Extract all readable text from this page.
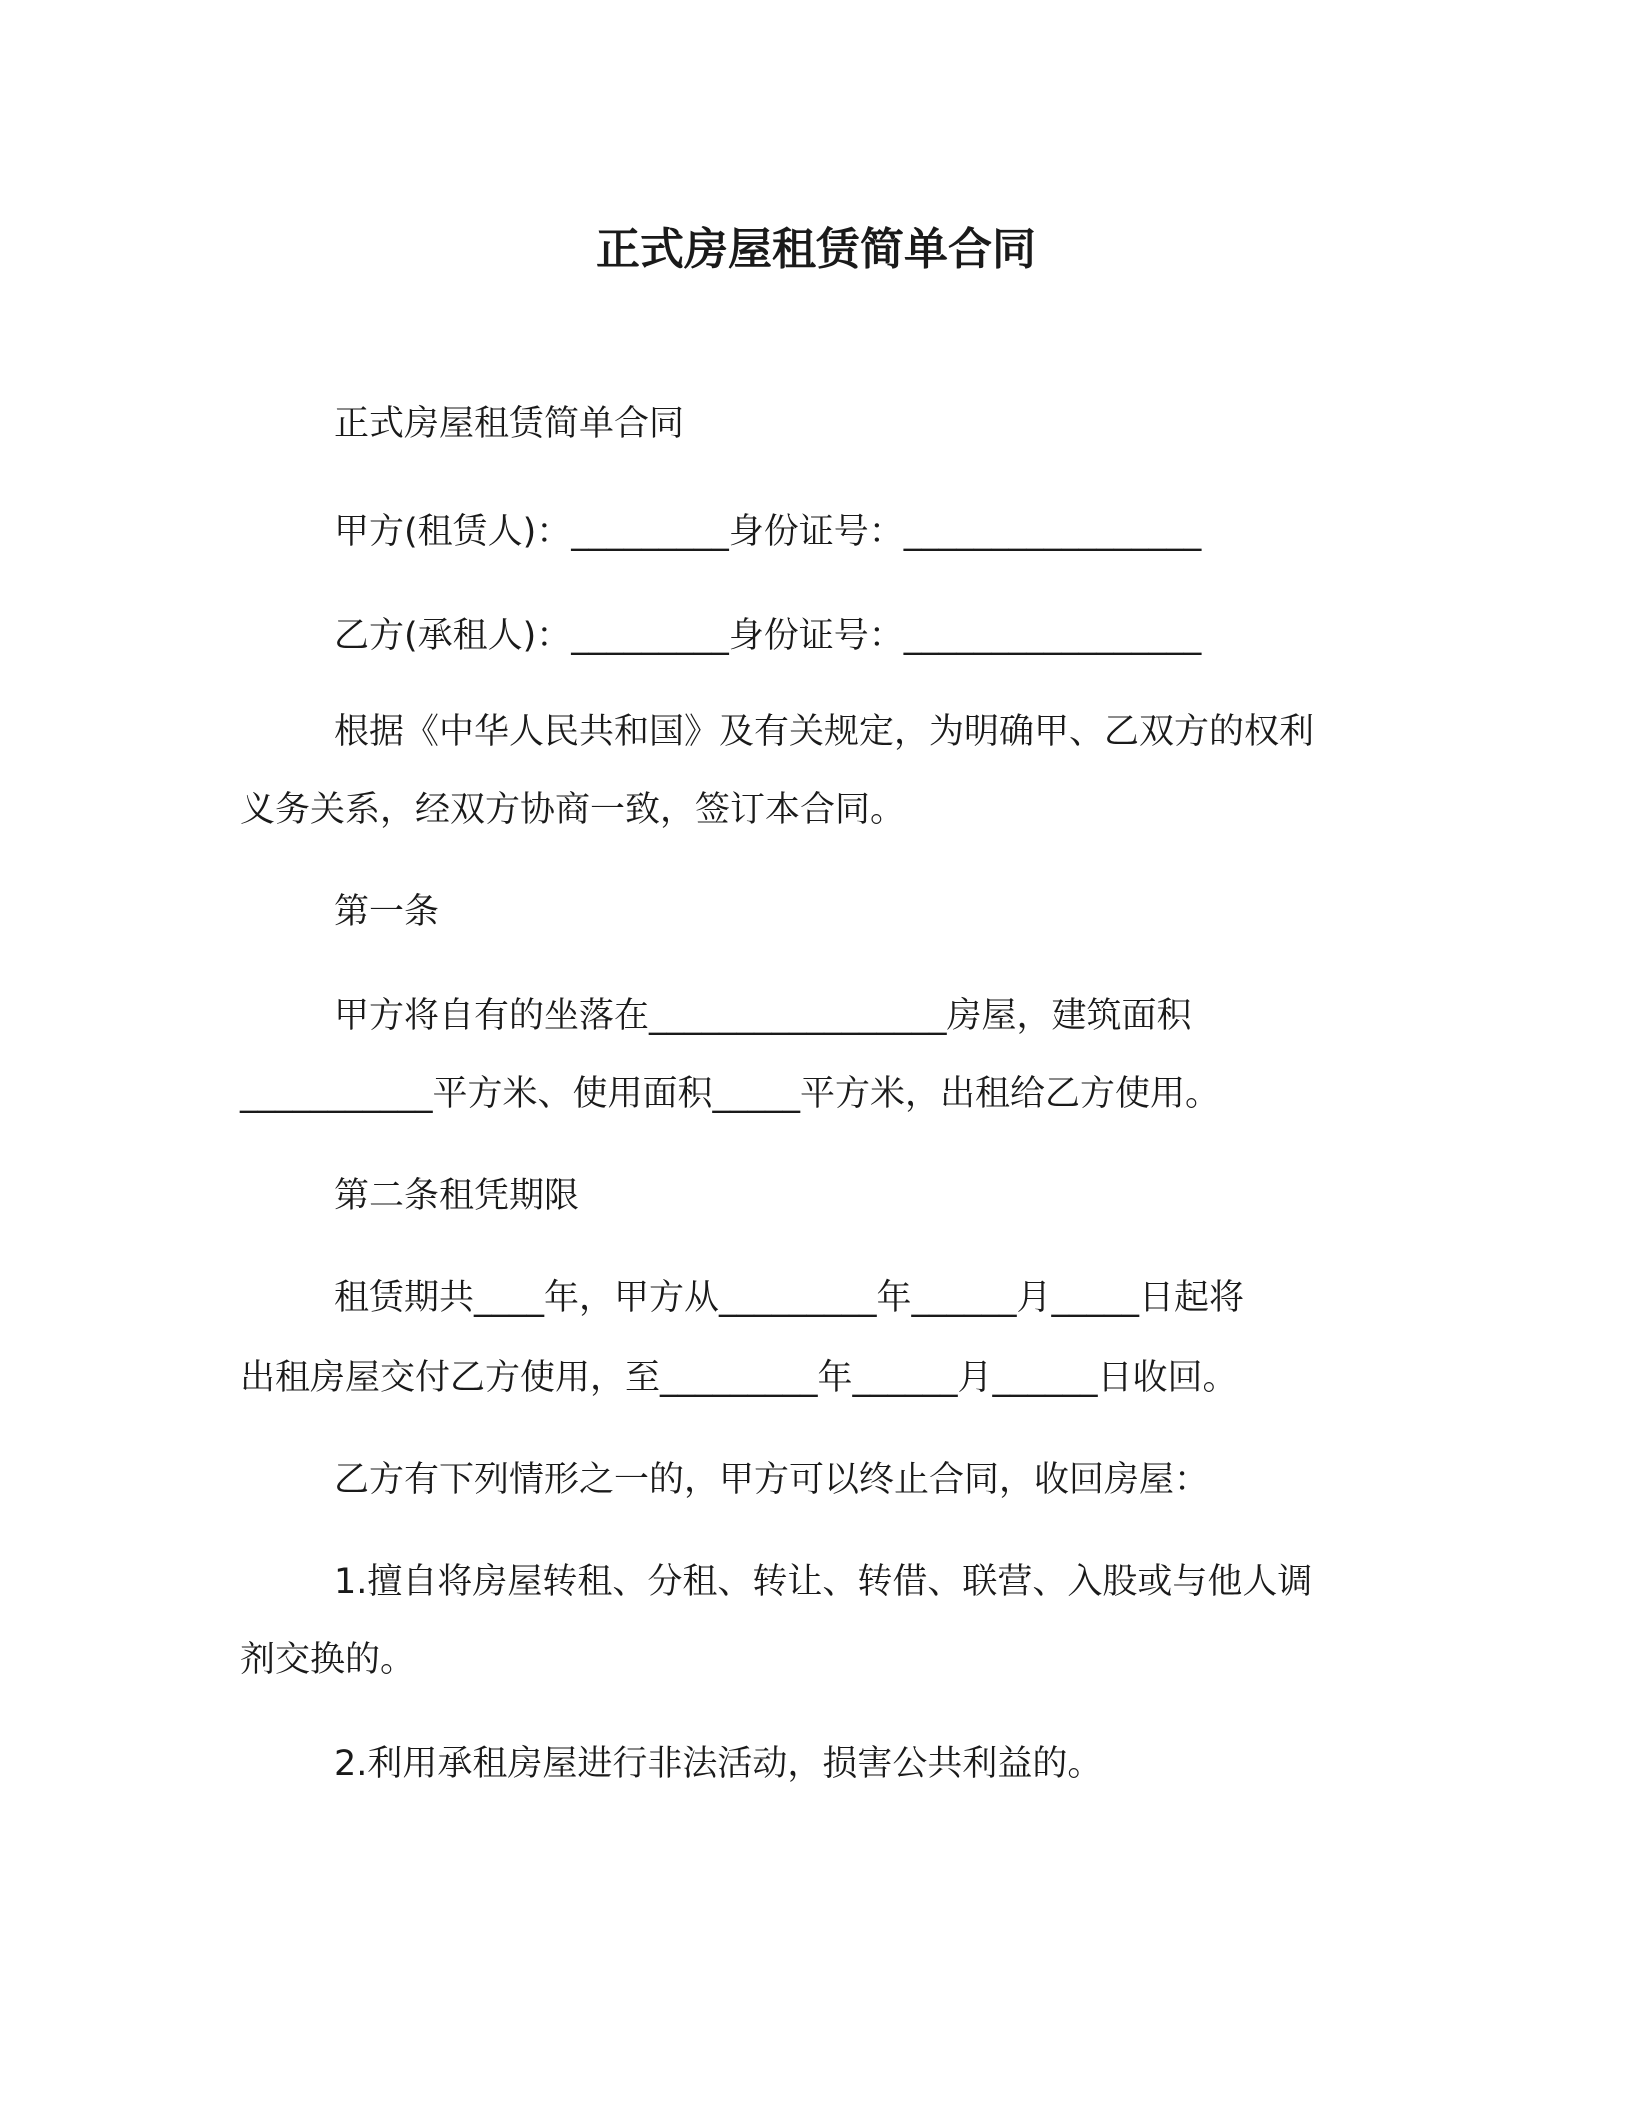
正式房屋租赁简单合同
正式房屋租赁简单合同
甲方(租赁人)：_________身份证号：_________________
乙方(承租人)：_________身份证号：_________________
根据《中华人民共和国》及有关规定，为明确甲、乙双方的权利
义务关系，经双方协商一致，签订本合同。
第一条
甲方将自有的坐落在_________________房屋，建筑面积
___________平方米、使用面积_____平方米，出租给乙方使用。
第二条租凭期限
租赁期共____年，甲方从_________年______月_____日起将
出租房屋交付乙方使用，至_________年______月______日收回。
乙方有下列情形之一的，甲方可以终止合同，收回房屋：
1.擅自将房屋转租、分租、转让、转借、联营、入股或与他人调
剂交换的。
2.利用承租房屋进行非法活动，损害公共利益的。
